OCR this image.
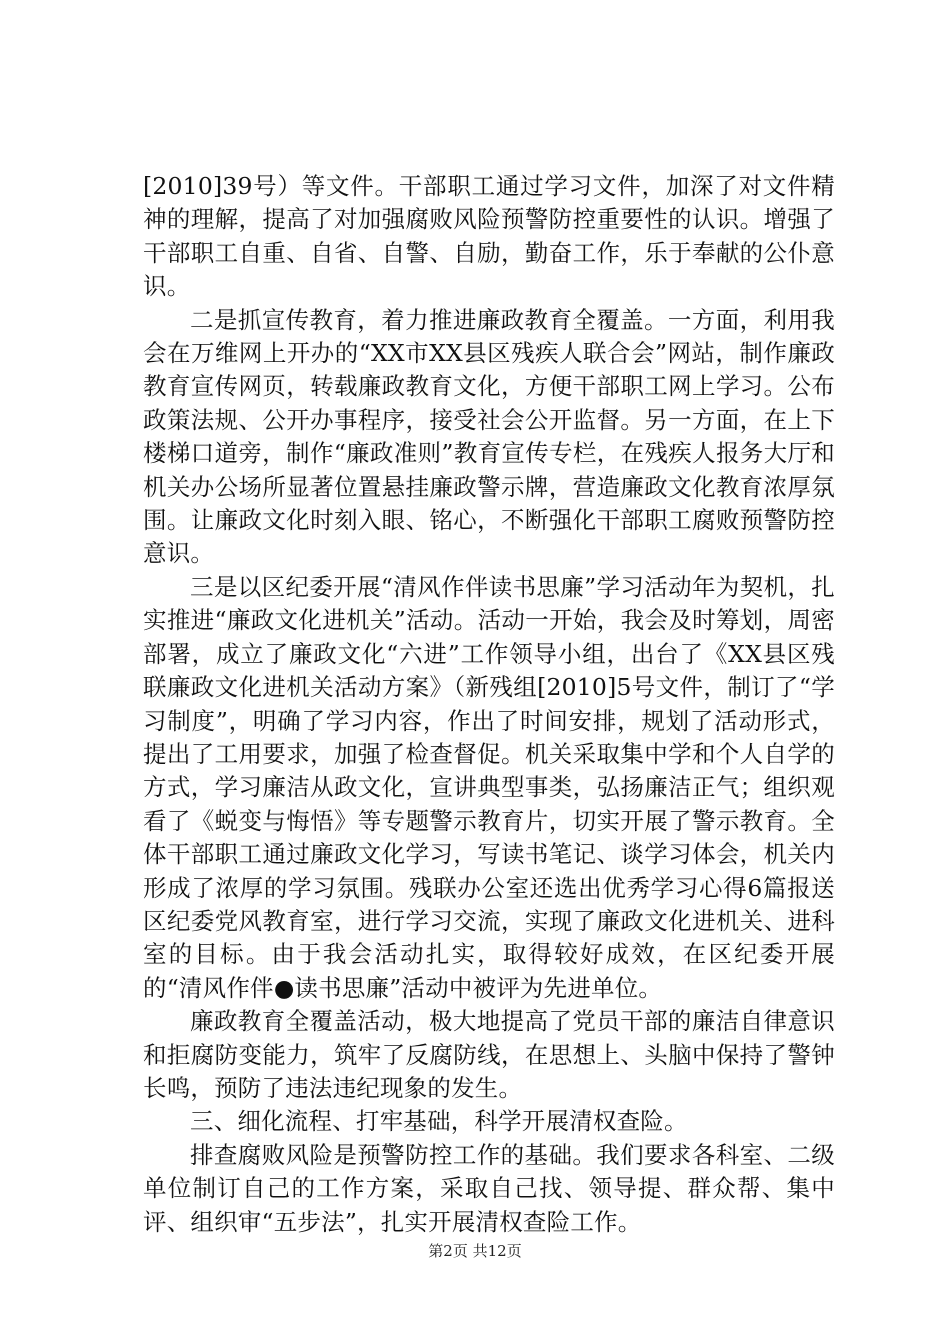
[2010]39号）等文件。干部职工通过学习文件，加深了对文件精神的理解，提高了对加强腐败风险预警防控重要性的认识。增强了干部职工自重、自省、自警、自励，勤奋工作，乐于奉献的公仆意识。

二是抓宣传教育，着力推进廉政教育全覆盖。一方面，利用我会在万维网上开办的“XX市XX县区残疾人联合会”网站，制作廉政教育宣传网页，转载廉政教育文化，方便干部职工网上学习。公布政策法规、公开办事程序，接受社会公开监督。另一方面，在上下楼梯口道旁，制作“廉政准则”教育宣传专栏，在残疾人报务大厅和机关办公场所显著位置悬挂廉政警示牌，营造廉政文化教育浓厚氛围。让廉政文化时刻入眼、铭心，不断强化干部职工腐败预警防控意识。

三是以区纪委开展“清风作伴读书思廉”学习活动年为契机，扎实推进“廉政文化进机关”活动。活动一开始，我会及时筹划，周密部署，成立了廉政文化“六进”工作领导小组，出台了《XX县区残联廉政文化进机关活动方案》（新残组[2010]5号文件，制订了“学习制度”，明确了学习内容，作出了时间安排，规划了活动形式，提出了工用要求，加强了检查督促。机关采取集中学和个人自学的方式，学习廉洁从政文化，宣讲典型事类，弘扬廉洁正气；组织观看了《蜕变与悔悟》等专题警示教育片，切实开展了警示教育。全体干部职工通过廉政文化学习，写读书笔记、谈学习体会，机关内形成了浓厚的学习氛围。残联办公室还选出优秀学习心得6篇报送区纪委党风教育室，进行学习交流，实现了廉政文化进机关、进科室的目标。由于我会活动扎实，取得较好成效，在区纪委开展的“清风作伴●读书思廉”活动中被评为先进单位。

廉政教育全覆盖活动，极大地提高了党员干部的廉洁自律意识和拒腐防变能力，筑牢了反腐防线，在思想上、头脑中保持了警钟长鸣，预防了违法违纪现象的发生。

三、细化流程、打牢基础，科学开展清权查险。

排查腐败风险是预警防控工作的基础。我们要求各科室、二级单位制订自己的工作方案，采取自己找、领导提、群众帮、集中评、组织审“五步法”，扎实开展清权查险工作。

第2页 共12页
